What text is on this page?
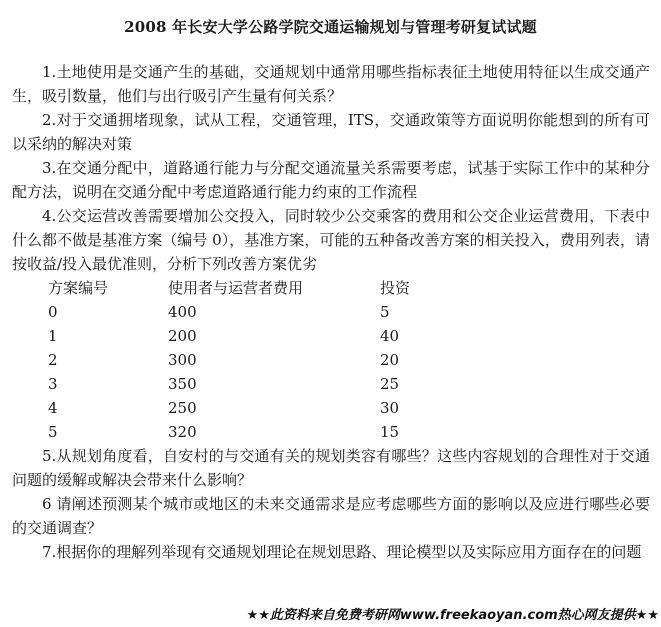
2008 年长安大学公路学院交通运输规划与管理考研复试试题

1.土地使用是交通产生的基础，交通规划中通常用哪些指标表征土地使用特征以生成交通产生，吸引数量，他们与出行吸引产生量有何关系？

2.对于交通拥堵现象，试从工程，交通管理，ITS，交通政策等方面说明你能想到的所有可以采纳的解决对策

3.在交通分配中，道路通行能力与分配交通流量关系需要考虑，试基于实际工作中的某种分配方法，说明在交通分配中考虑道路通行能力约束的工作流程

4.公交运营改善需要增加公交投入，同时较少公交乘客的费用和公交企业运营费用，下表中什么都不做是基准方案（编号 0），基准方案，可能的五种备改善方案的相关投入，费用列表，请按收益/投入最优准则，分析下列改善方案优劣

方案编号	使用者与运营者费用	投资
0	400	5
1	200	40
2	300	20
3	350	25
4	250	30
5	320	15

5.从规划角度看，自安村的与交通有关的规划类容有哪些？这些内容规划的合理性对于交通问题的缓解或解决会带来什么影响？

6 请阐述预测某个城市或地区的未来交通需求是应考虑哪些方面的影响以及应进行哪些必要的交通调查？

7.根据你的理解列举现有交通规划理论在规划思路、理论模型以及实际应用方面存在的问题

★★此资料来自免费考研网www.freekaoyan.com热心网友提供★★
